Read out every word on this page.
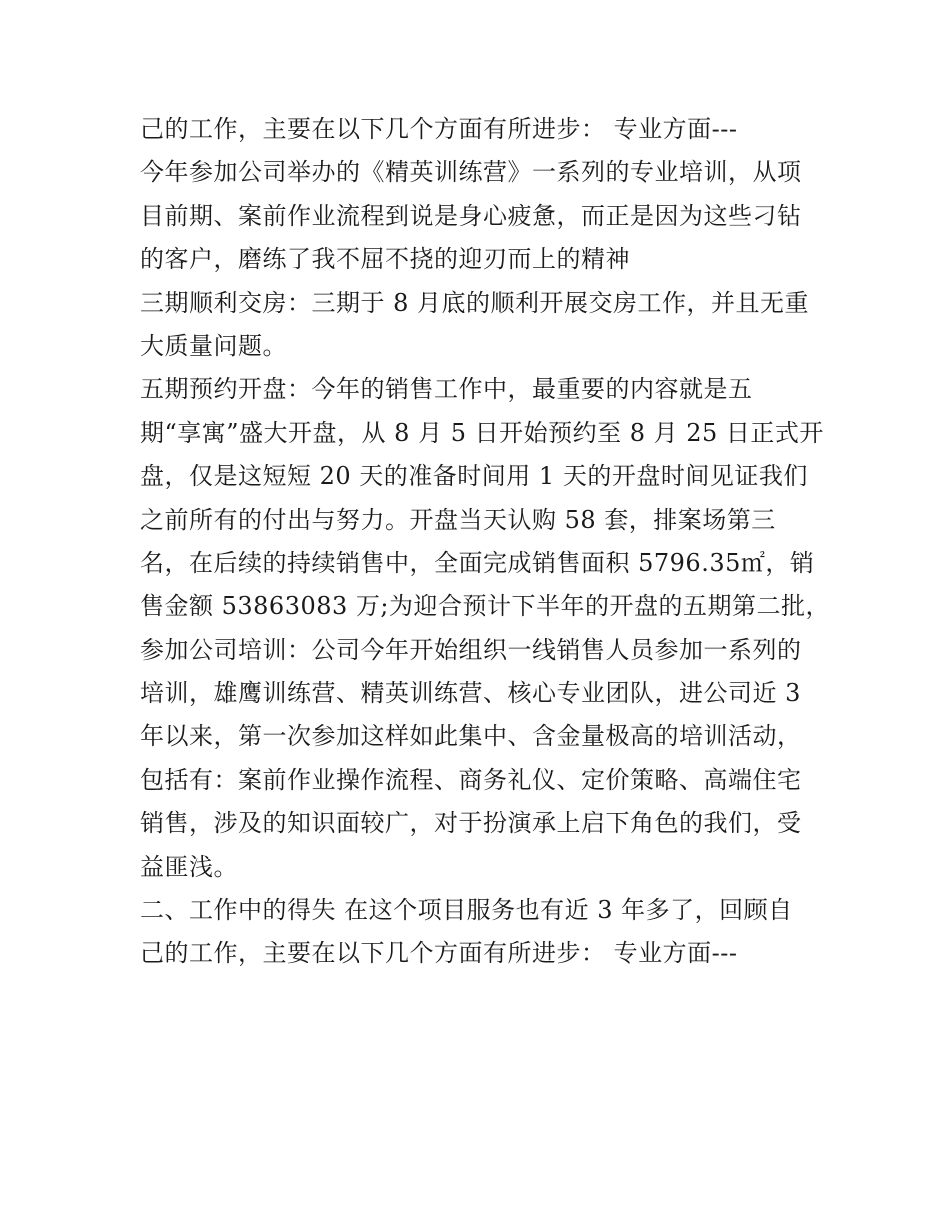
己的工作，主要在以下几个方面有所进步： 专业方面---
今年参加公司举办的《精英训练营》一系列的专业培训，从项
目前期、案前作业流程到说是身心疲惫，而正是因为这些刁钻
的客户，磨练了我不屈不挠的迎刃而上的精神
三期顺利交房：三期于 8 月底的顺利开展交房工作，并且无重
大质量问题。
五期预约开盘：今年的销售工作中，最重要的内容就是五
期“享寓”盛大开盘，从 8 月 5 日开始预约至 8 月 25 日正式开
盘，仅是这短短 20 天的准备时间用 1 天的开盘时间见证我们
之前所有的付出与努力。开盘当天认购 58 套，排案场第三
名，在后续的持续销售中，全面完成销售面积 5796.35㎡，销
售金额 53863083 万;为迎合预计下半年的开盘的五期第二批，
参加公司培训：公司今年开始组织一线销售人员参加一系列的
培训，雄鹰训练营、精英训练营、核心专业团队，进公司近 3
年以来，第一次参加这样如此集中、含金量极高的培训活动，
包括有：案前作业操作流程、商务礼仪、定价策略、高端住宅
销售，涉及的知识面较广，对于扮演承上启下角色的我们，受
益匪浅。
二、工作中的得失 在这个项目服务也有近 3 年多了，回顾自
己的工作，主要在以下几个方面有所进步： 专业方面---
